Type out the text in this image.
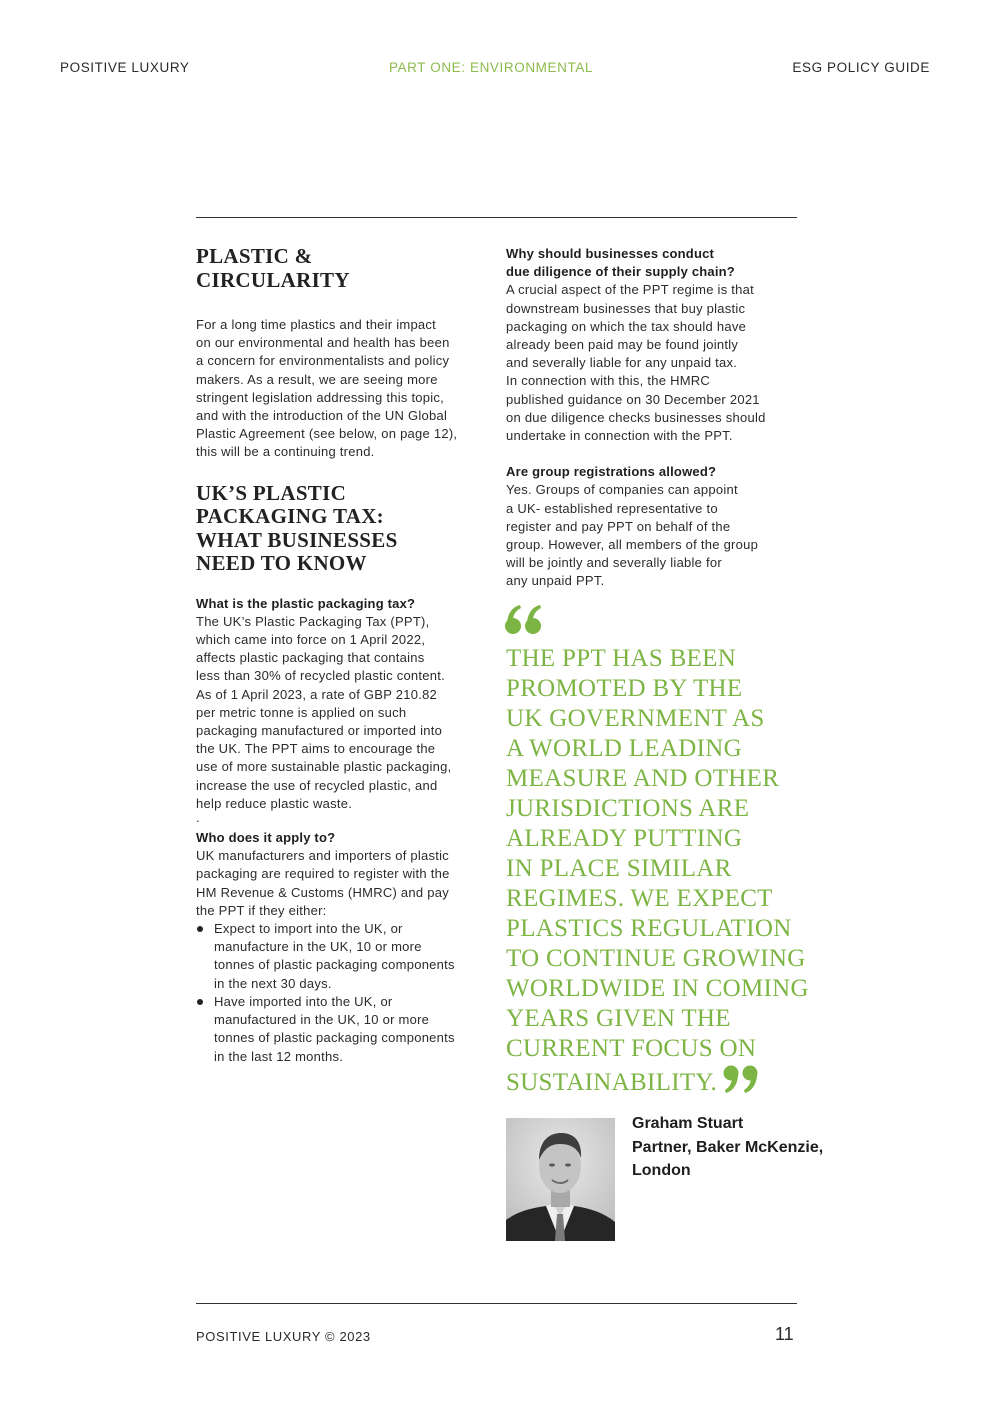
POSITIVE LUXURY	PART ONE: ENVIRONMENTAL	ESG POLICY GUIDE
PLASTIC &
CIRCULARITY

For a long time plastics and their impact
on our environmental and health has been
a concern for environmentalists and policy
makers. As a result, we are seeing more
stringent legislation addressing this topic,
and with the introduction of the UN Global
Plastic Agreement (see below, on page 12),
this will be a continuing trend.

UK’S PLASTIC
PACKAGING TAX:
WHAT BUSINESSES
NEED TO KNOW

What is the plastic packaging tax?

The UK’s Plastic Packaging Tax (PPT),
which came into force on 1 April 2022,
affects plastic packaging that contains
less than 30% of recycled plastic content.
As of 1 April 2023, a rate of GBP 210.82
per metric tonne is applied on such
packaging manufactured or imported into
the UK. The PPT aims to encourage the
use of more sustainable plastic packaging,
increase the use of recycled plastic, and
help reduce plastic waste.

.

Who does it apply to?

UK manufacturers and importers of plastic
packaging are required to register with the
HM Revenue & Customs (HMRC) and pay
the PPT if they either:

Expect to import into the UK, or
manufacture in the UK, 10 or more
tonnes of plastic packaging components
in the next 30 days.
Have imported into the UK, or
manufactured in the UK, 10 or more
tonnes of plastic packaging components
in the last 12 months.

Why should businesses conduct
due diligence of their supply chain?

A crucial aspect of the PPT regime is that
downstream businesses that buy plastic
packaging on which the tax should have
already been paid may be found jointly
and severally liable for any unpaid tax.
In connection with this, the HMRC
published guidance on 30 December 2021
on due diligence checks businesses should
undertake in connection with the PPT.

Are group registrations allowed?

Yes. Groups of companies can appoint
a UK- established representative to
register and pay PPT on behalf of the
group. However, all members of the group
will be jointly and severally liable for
any unpaid PPT.

THE PPT HAS BEEN
PROMOTED BY THE
UK GOVERNMENT AS
A WORLD LEADING
MEASURE AND OTHER
JURISDICTIONS ARE
ALREADY PUTTING
IN PLACE SIMILAR
REGIMES. WE EXPECT
PLASTICS REGULATION
TO CONTINUE GROWING
WORLDWIDE IN COMING
YEARS GIVEN THE
CURRENT FOCUS ON
SUSTAINABILITY.
Graham Stuart
Partner, Baker McKenzie,
London
POSITIVE LUXURY © 2023	11
